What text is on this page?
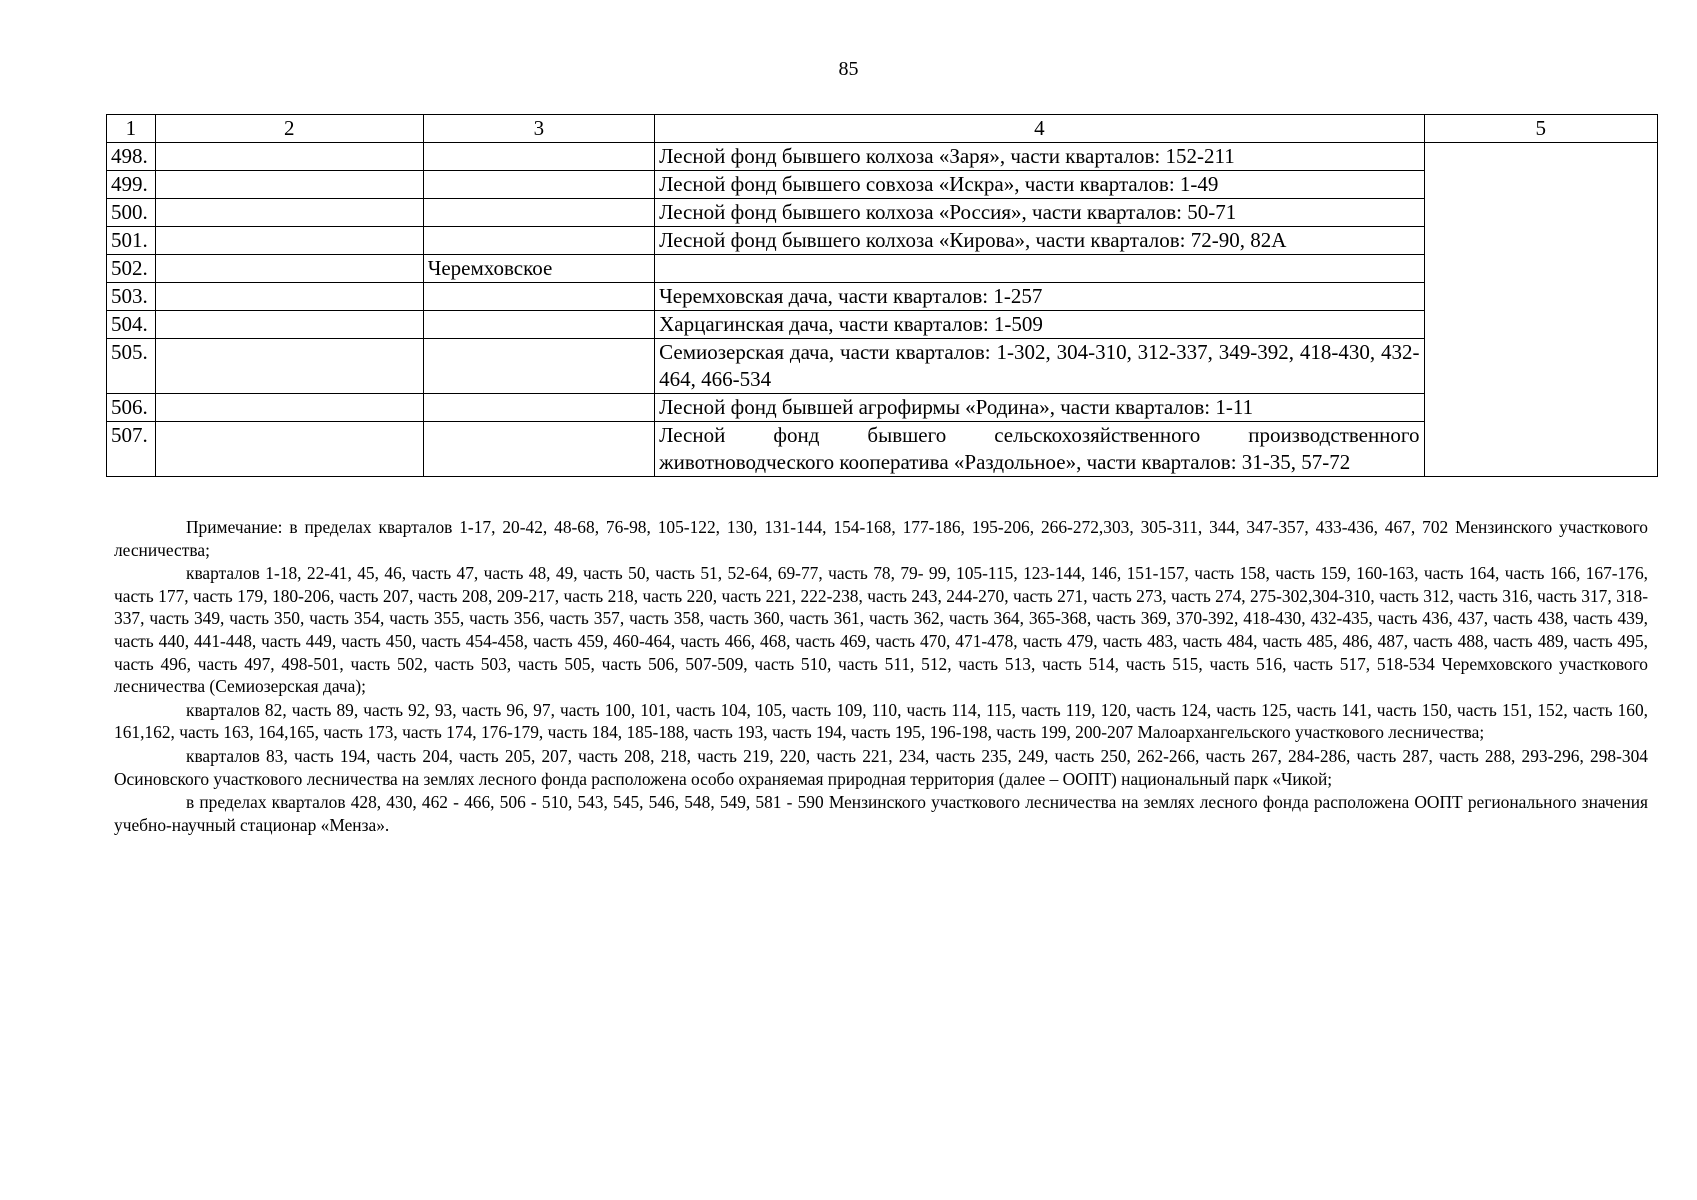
85
1	2	3	4	5
498.			Лесной фонд бывшего колхоза «Заря», части кварталов: 152-211	
499.			Лесной фонд бывшего совхоза «Искра», части кварталов: 1-49	
500.			Лесной фонд бывшего колхоза «Россия», части кварталов: 50-71	
501.			Лесной фонд бывшего колхоза «Кирова», части кварталов: 72-90, 82А	
502.		Черемховское		
503.			Черемховская дача, части кварталов: 1-257	
504.			Харцагинская дача, части кварталов: 1-509	
505.			Семиозерская дача, части кварталов: 1-302, 304-310, 312-337, 349-392, 418-430, 432-464, 466-534	
506.			Лесной фонд бывшей агрофирмы «Родина», части кварталов: 1-11	
507.			Лесной фонд бывшего сельскохозяйственного производственного животноводческого кооператива «Раздольное», части кварталов: 31-35, 57-72	

Примечание: в пределах кварталов 1-17, 20-42, 48-68, 76-98, 105-122, 130, 131-144, 154-168, 177-186, 195-206, 266-272,303, 305-311, 344, 347-357, 433-436, 467, 702 Мензинского участкового лесничества;

кварталов 1-18, 22-41, 45, 46, часть 47, часть 48, 49, часть 50, часть 51, 52-64, 69-77, часть 78, 79- 99, 105-115, 123-144, 146, 151-157, часть 158, часть 159, 160-163, часть 164, часть 166, 167-176, часть 177, часть 179, 180-206, часть 207, часть 208, 209-217, часть 218, часть 220, часть 221, 222-238, часть 243, 244-270, часть 271, часть 273, часть 274, 275-302,304-310, часть 312, часть 316, часть 317, 318-337, часть 349, часть 350, часть 354, часть 355, часть 356, часть 357, часть 358, часть 360, часть 361, часть 362, часть 364, 365-368, часть 369, 370-392, 418-430, 432-435, часть 436, 437, часть 438, часть 439, часть 440, 441-448, часть 449, часть 450, часть 454-458, часть 459, 460-464, часть 466, 468, часть 469, часть 470, 471-478, часть 479, часть 483, часть 484, часть 485, 486, 487, часть 488, часть 489, часть 495, часть 496, часть 497, 498-501, часть 502, часть 503, часть 505, часть 506, 507-509, часть 510, часть 511, 512, часть 513, часть 514, часть 515, часть 516, часть 517, 518-534 Черемховского участкового лесничества (Семиозерская дача);

кварталов 82, часть 89, часть 92, 93, часть 96, 97, часть 100, 101, часть 104, 105, часть 109, 110, часть 114, 115, часть 119, 120, часть 124, часть 125, часть 141, часть 150, часть 151, 152, часть 160, 161,162, часть 163, 164,165, часть 173, часть 174, 176-179, часть 184, 185-188, часть 193, часть 194, часть 195, 196-198, часть 199, 200-207 Малоархангельского участкового лесничества;

кварталов 83, часть 194, часть 204, часть 205, 207, часть 208, 218, часть 219, 220, часть 221, 234, часть 235, 249, часть 250, 262-266, часть 267, 284-286, часть 287, часть 288, 293-296, 298-304 Осиновского участкового лесничества на землях лесного фонда расположена особо охраняемая природная территория (далее – ООПТ) национальный парк «Чикой;

в пределах кварталов 428, 430, 462 - 466, 506 - 510, 543, 545, 546, 548, 549, 581 - 590 Мензинского участкового лесничества на землях лесного фонда расположена ООПТ регионального значения учебно-научный стационар «Менза».
